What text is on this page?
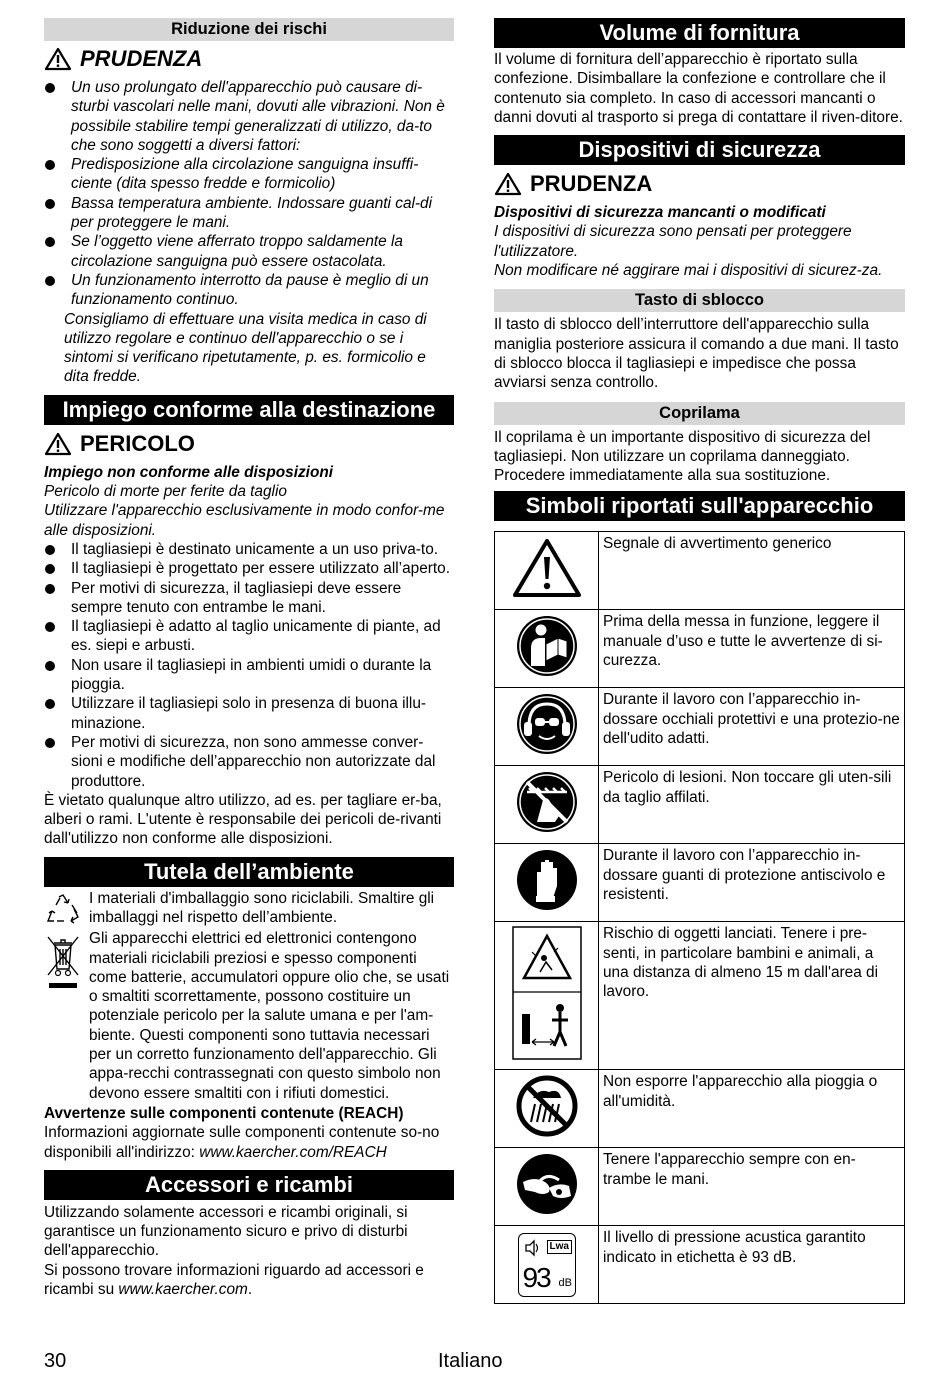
Riduzione dei rischi
PRUDENZA
Un uso prolungato dell'apparecchio può causare di-sturbi vascolari nelle mani, dovuti alle vibrazioni. Non è possibile stabilire tempi generalizzati di utilizzo, da-to che sono soggetti a diversi fattori:
Predisposizione alla circolazione sanguigna insuffi-ciente (dita spesso fredde e formicolio)
Bassa temperatura ambiente. Indossare guanti cal-di per proteggere le mani.
Se l’oggetto viene afferrato troppo saldamente la circolazione sanguigna può essere ostacolata.
Un funzionamento interrotto da pause è meglio di un funzionamento continuo.

Consigliamo di effettuare una visita medica in caso di utilizzo regolare e continuo dell'apparecchio o se i sintomi si verificano ripetutamente, p. es. formicolio e dita fredde.

Impiego conforme alla destinazione
PERICOLO

Impiego non conforme alle disposizioni

Pericolo di morte per ferite da taglio

Utilizzare l'apparecchio esclusivamente in modo confor-me alle disposizioni.

Il tagliasiepi è destinato unicamente a un uso priva-to.
Il tagliasiepi è progettato per essere utilizzato all’aperto.
Per motivi di sicurezza, il tagliasiepi deve essere sempre tenuto con entrambe le mani.
Il tagliasiepi è adatto al taglio unicamente di piante, ad es. siepi e arbusti.
Non usare il tagliasiepi in ambienti umidi o durante la pioggia.
Utilizzare il tagliasiepi solo in presenza di buona illu-minazione.
Per motivi di sicurezza, non sono ammesse conver-sioni e modifiche dell’apparecchio non autorizzate dal produttore.

È vietato qualunque altro utilizzo, ad es. per tagliare er-ba, alberi o rami. L'utente è responsabile dei pericoli de-rivanti dall'utilizzo non conforme alle disposizioni.

Tutela dell’ambiente

I materiali d'imballaggio sono riciclabili. Smaltire gli imballaggi nel rispetto dell’ambiente.

Gli apparecchi elettrici ed elettronici contengono materiali riciclabili preziosi e spesso componenti come batterie, accumulatori oppure olio che, se usati o smaltiti scorrettamente, possono costituire un potenziale pericolo per la salute umana e per l'am-biente. Questi componenti sono tuttavia necessari per un corretto funzionamento dell'apparecchio. Gli appa-recchi contrassegnati con questo simbolo non devono essere smaltiti con i rifiuti domestici.

Avvertenze sulle componenti contenute (REACH)

Informazioni aggiornate sulle componenti contenute so-no disponibili all'indirizzo: www.kaercher.com/REACH

Accessori e ricambi

Utilizzando solamente accessori e ricambi originali, si garantisce un funzionamento sicuro e privo di disturbi dell'apparecchio.

Si possono trovare informazioni riguardo ad accessori e ricambi su www.kaercher.com.

Volume di fornitura

Il volume di fornitura dell’apparecchio è riportato sulla confezione. Disimballare la confezione e controllare che il contenuto sia completo. In caso di accessori mancanti o danni dovuti al trasporto si prega di contattare il riven-ditore.

Dispositivi di sicurezza
PRUDENZA

Dispositivi di sicurezza mancanti o modificati

I dispositivi di sicurezza sono pensati per proteggere l'utilizzatore.

Non modificare né aggirare mai i dispositivi di sicurez-za.

Tasto di sblocco

Il tasto di sblocco dell’interruttore dell'apparecchio sulla maniglia posteriore assicura il comando a due mani. Il tasto di sblocco blocca il tagliasiepi e impedisce che possa avviarsi senza controllo.

Coprilama

Il coprilama è un importante dispositivo di sicurezza del tagliasiepi. Non utilizzare un coprilama danneggiato. Procedere immediatamente alla sua sostituzione.

Simboli riportati sull'apparecchio
	Segnale di avvertimento generico
	Prima della messa in funzione, leggere il manuale d’uso e tutte le avvertenze di si-curezza.
	Durante il lavoro con l’apparecchio in-dossare occhiali protettivi e una protezio-ne dell'udito adatti.
	Pericolo di lesioni. Non toccare gli uten-sili da taglio affilati.
	Durante il lavoro con l’apparecchio in-dossare guanti di protezione antiscivolo e resistenti.
	Rischio di oggetti lanciati. Tenere i pre-senti, in particolare bambini e animali, a una distanza di almeno 15 m dall'area di lavoro.
	Non esporre l'apparecchio alla pioggia o all'umidità.
	Tenere l'apparecchio sempre con en-trambe le mani.

Lwa
93 dB	Il livello di pressione acustica garantito indicato in etichetta è 93 dB.
30	Italiano
